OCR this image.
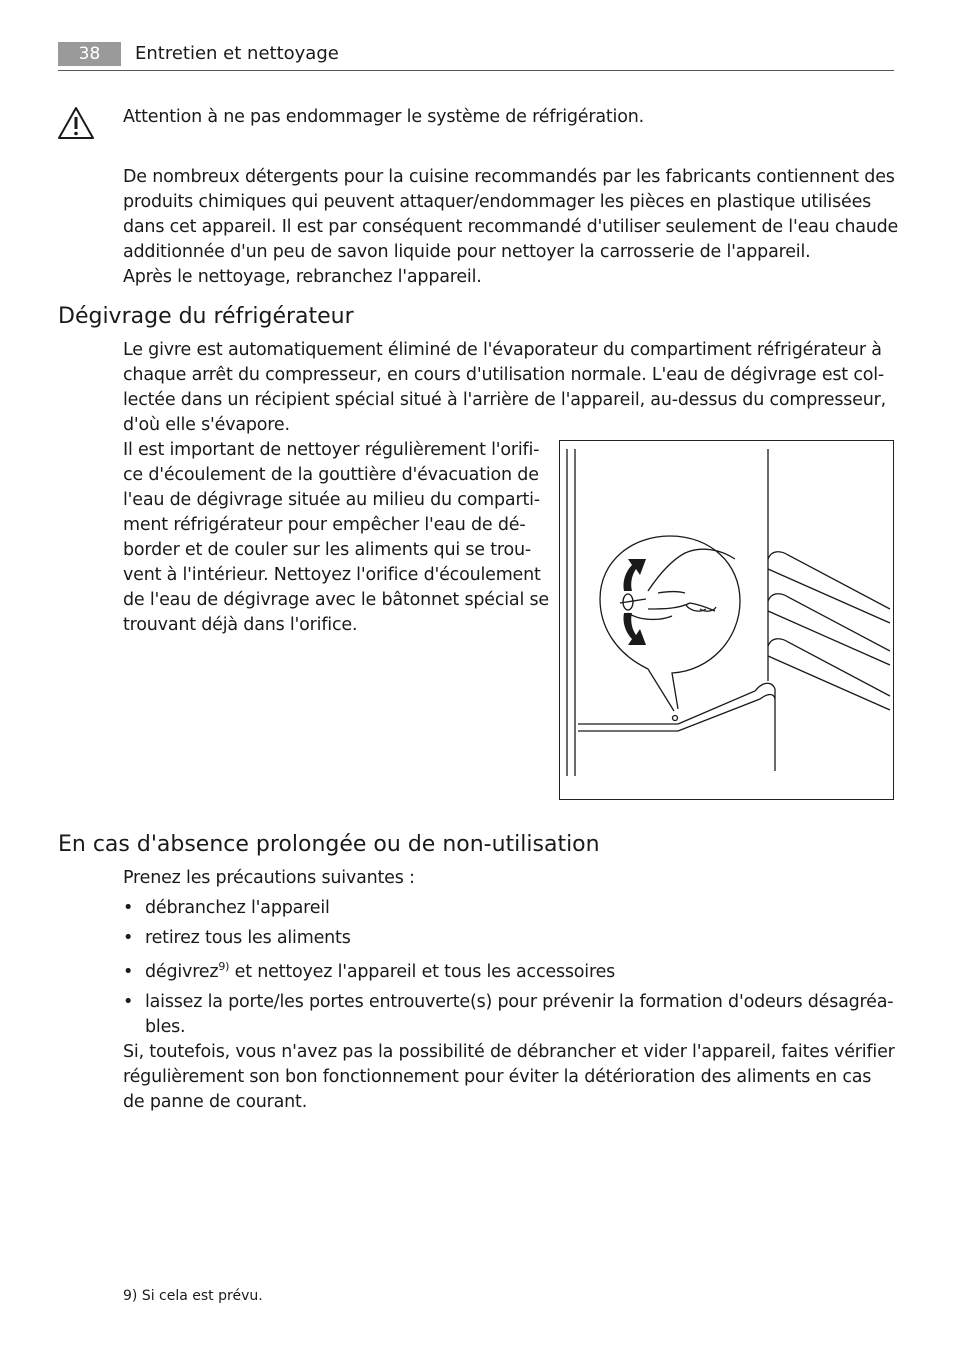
38	Entretien et nettoyage

Attention à ne pas endommager le système de réfrigération.

De nombreux détergents pour la cuisine recommandés par les fabricants contiennent des

produits chimiques qui peuvent attaquer/endommager les pièces en plastique utilisées

dans cet appareil. Il est par conséquent recommandé d'utiliser seulement de l'eau chaude

additionnée d'un peu de savon liquide pour nettoyer la carrosserie de l'appareil.

Après le nettoyage, rebranchez l'appareil.

Dégivrage du réfrigérateur

Le givre est automatiquement éliminé de l'évaporateur du compartiment réfrigérateur à

chaque arrêt du compresseur, en cours d'utilisation normale. L'eau de dégivrage est col-

lectée dans un récipient spécial situé à l'arrière de l'appareil, au-dessus du compresseur,

d'où elle s'évapore.

Il est important de nettoyer régulièrement l'orifi-

ce d'écoulement de la gouttière d'évacuation de

l'eau de dégivrage située au milieu du comparti-

ment réfrigérateur pour empêcher l'eau de dé-

border et de couler sur les aliments qui se trou-

vent à l'intérieur. Nettoyez l'orifice d'écoulement

de l'eau de dégivrage avec le bâtonnet spécial se

trouvant déjà dans l'orifice.

En cas d'absence prolongée ou de non-utilisation

Prenez les précautions suivantes :

• débranchez l'appareil
• retirez tous les aliments
• dégivrez$^{9)}$ et nettoyez l'appareil et tous les accessoires
• laissez la porte/les portes entrouverte(s) pour prévenir la formation d'odeurs désagréa-
bles.

Si, toutefois, vous n'avez pas la possibilité de débrancher et vider l'appareil, faites vérifier

régulièrement son bon fonctionnement pour éviter la détérioration des aliments en cas

de panne de courant.

9) Si cela est prévu.
